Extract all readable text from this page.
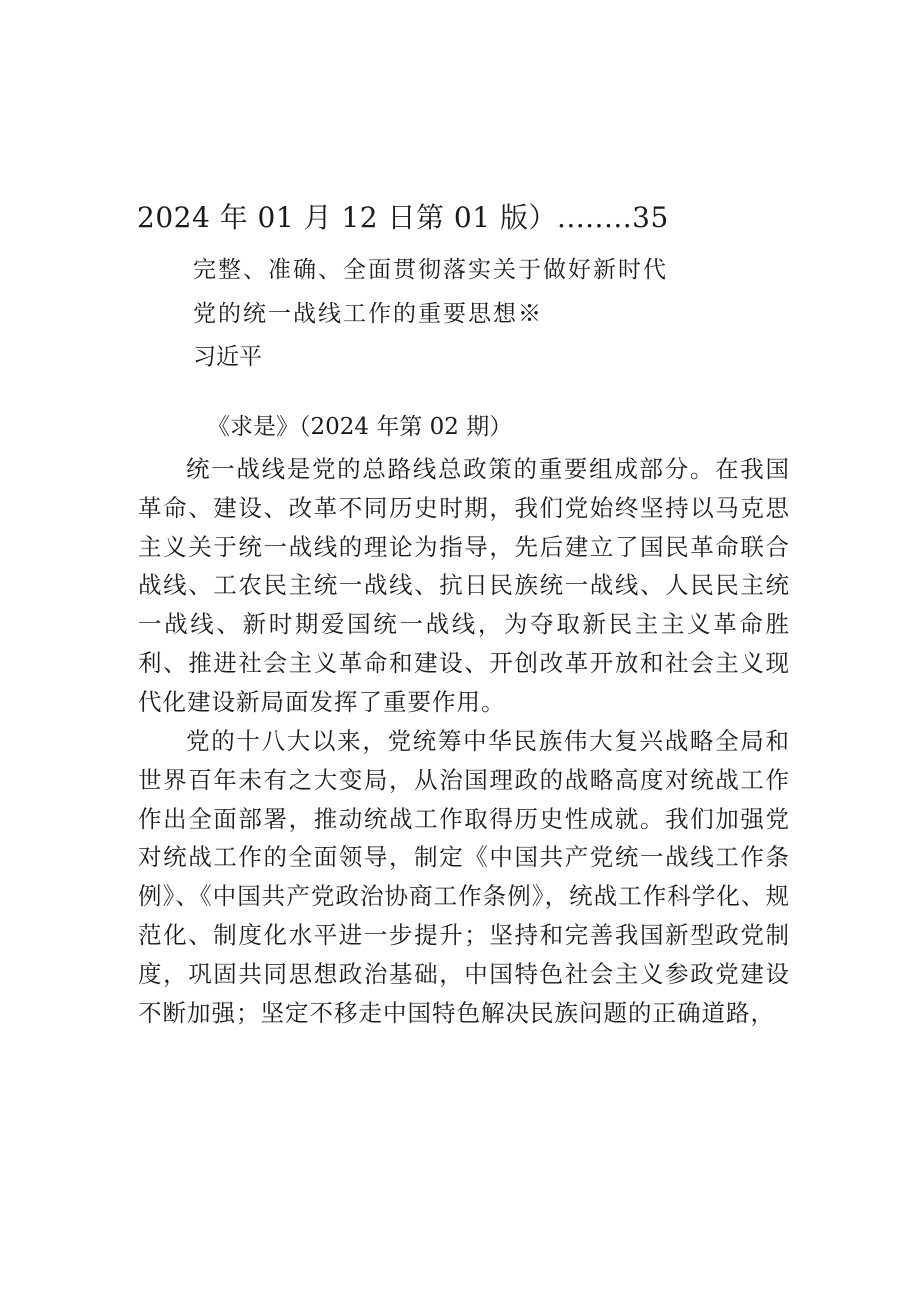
2024 年 01 月 12 日第 01 版）........35
完整、准确、全面贯彻落实关于做好新时代
党的统一战线工作的重要思想※
习近平
《求是》（2024 年第 02 期）

统一战线是党的总路线总政策的重要组成部分。在我国革命、建设、改革不同历史时期，我们党始终坚持以马克思主义关于统一战线的理论为指导，先后建立了国民革命联合战线、工农民主统一战线、抗日民族统一战线、人民民主统一战线、新时期爱国统一战线，为夺取新民主主义革命胜利、推进社会主义革命和建设、开创改革开放和社会主义现代化建设新局面发挥了重要作用。

党的十八大以来，党统筹中华民族伟大复兴战略全局和世界百年未有之大变局，从治国理政的战略高度对统战工作作出全面部署，推动统战工作取得历史性成就。我们加强党对统战工作的全面领导，制定《中国共产党统一战线工作条例》、《中国共产党政治协商工作条例》，统战工作科学化、规范化、制度化水平进一步提升；坚持和完善我国新型政党制度，巩固共同思想政治基础，中国特色社会主义参政党建设不断加强；坚定不移走中国特色解决民族问题的正确道路，
